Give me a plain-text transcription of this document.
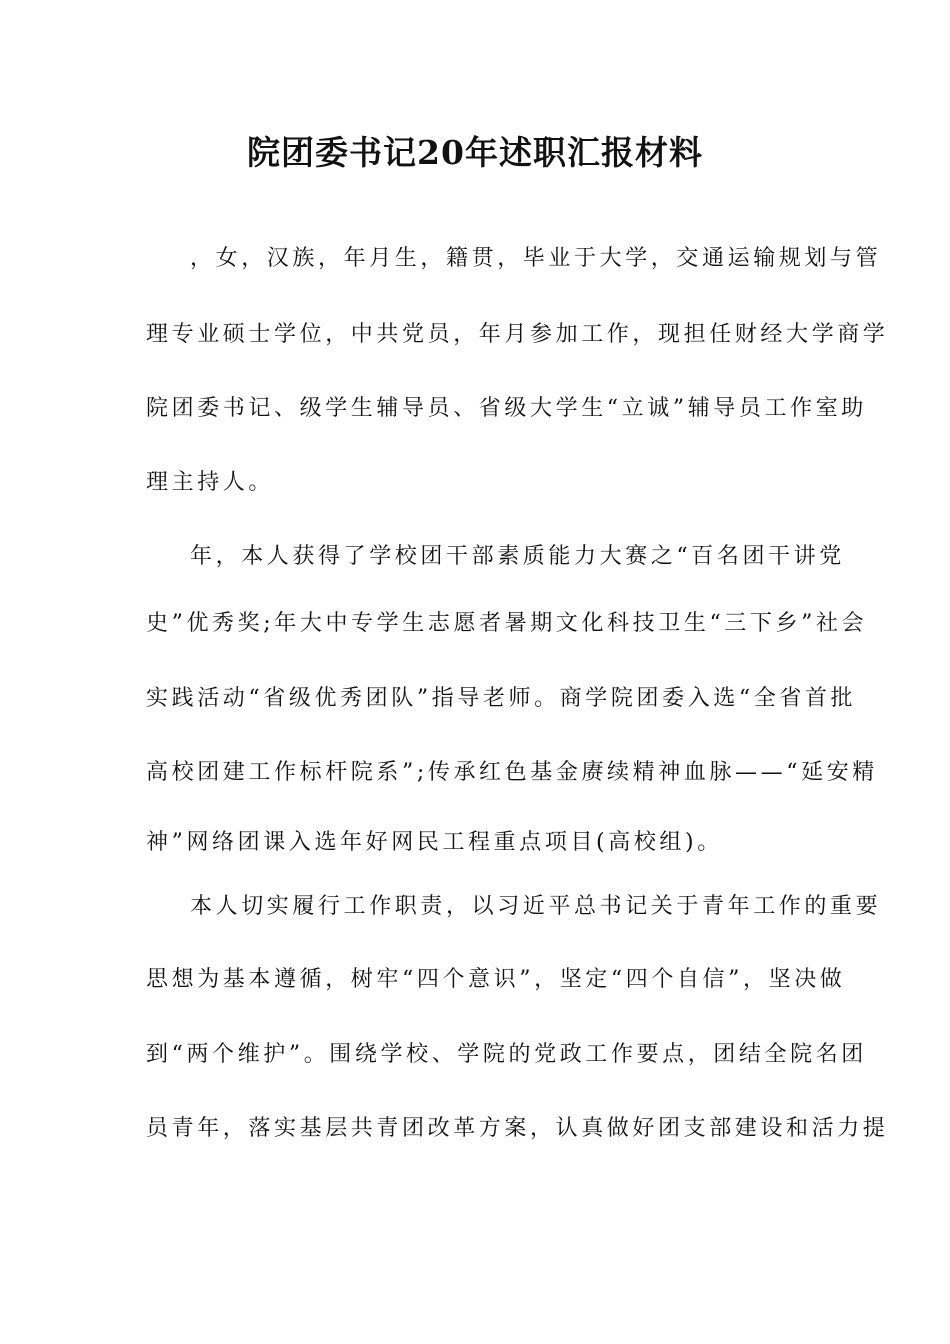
院团委书记20年述职汇报材料

，女，汉族，年月生，籍贯，毕业于大学，交通运输规划与管

理专业硕士学位，中共党员，年月参加工作，现担任财经大学商学

院团委书记、级学生辅导员、省级大学生“立诚”辅导员工作室助

理主持人。

年，本人获得了学校团干部素质能力大赛之“百名团干讲党

史”优秀奖;年大中专学生志愿者暑期文化科技卫生“三下乡”社会

实践活动“省级优秀团队”指导老师。商学院团委入选“全省首批

高校团建工作标杆院系”;传承红色基金赓续精神血脉——“延安精

神”网络团课入选年好网民工程重点项目(高校组)。

本人切实履行工作职责，以习近平总书记关于青年工作的重要

思想为基本遵循，树牢“四个意识”，坚定“四个自信”，坚决做

到“两个维护”。围绕学校、学院的党政工作要点，团结全院名团

员青年，落实基层共青团改革方案，认真做好团支部建设和活力提
